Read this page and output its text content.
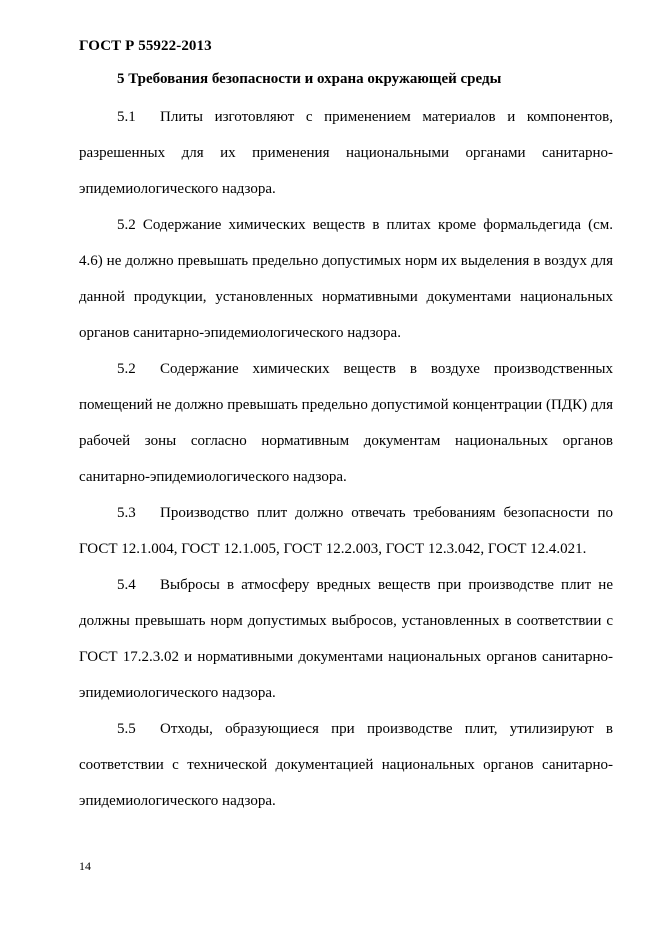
ГОСТ Р 55922-2013
5 Требования безопасности и охрана окружающей среды

5.1 Плиты изготовляют с применением материалов и компонентов, разрешенных для их применения национальными органами санитарно-эпидемиологического надзора.

5.2 Содержание химических веществ в плитах кроме формальдегида (см. 4.6) не должно превышать предельно допустимых норм их выделения в воздух для данной продукции, установленных нормативными документами национальных органов санитарно-эпидемиологического надзора.

5.2 Содержание химических веществ в воздухе производственных помещений не должно превышать предельно допустимой концентрации (ПДК) для рабочей зоны согласно нормативным документам национальных органов санитарно-эпидемиологического надзора.

5.3 Производство плит должно отвечать требованиям безопасности по ГОСТ 12.1.004, ГОСТ 12.1.005, ГОСТ 12.2.003, ГОСТ 12.3.042, ГОСТ 12.4.021.

5.4 Выбросы в атмосферу вредных веществ при производстве плит не должны превышать норм допустимых выбросов, установленных в соответствии с ГОСТ 17.2.3.02 и нормативными документами национальных органов санитарно-эпидемиологического надзора.

5.5 Отходы, образующиеся при производстве плит, утилизируют в соответствии с технической документацией национальных органов санитарно-эпидемиологического надзора.

14
